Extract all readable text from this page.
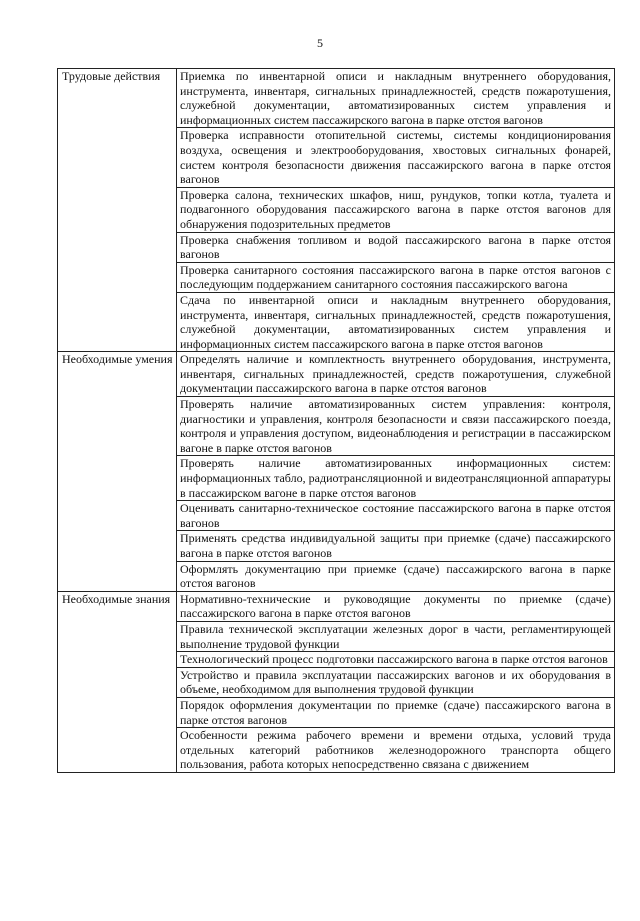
5
Трудовые действия	Приемка по инвентарной описи и накладным внутреннего оборудования, инструмента, инвентаря, сигнальных принадлежностей, средств пожаротушения, служебной документации, автоматизированных систем управления и информационных систем пассажирского вагона в парке отстоя вагонов
	Проверка исправности отопительной системы, системы кондиционирования воздуха, освещения и электрооборудования, хвостовых сигнальных фонарей, систем контроля безопасности движения пассажирского вагона в парке отстоя вагонов
	Проверка салона, технических шкафов, ниш, рундуков, топки котла, туалета и подвагонного оборудования пассажирского вагона в парке отстоя вагонов для обнаружения подозрительных предметов
	Проверка снабжения топливом и водой пассажирского вагона в парке отстоя вагонов
	Проверка санитарного состояния пассажирского вагона в парке отстоя вагонов с последующим поддержанием санитарного состояния пассажирского вагона
	Сдача по инвентарной описи и накладным внутреннего оборудования, инструмента, инвентаря, сигнальных принадлежностей, средств пожаротушения, служебной документации, автоматизированных систем управления и информационных систем пассажирского вагона в парке отстоя вагонов
Необходимые умения	Определять наличие и комплектность внутреннего оборудования, инструмента, инвентаря, сигнальных принадлежностей, средств пожаротушения, служебной документации пассажирского вагона в парке отстоя вагонов
	Проверять наличие автоматизированных систем управления: контроля, диагностики и управления, контроля безопасности и связи пассажирского поезда, контроля и управления доступом, видеонаблюдения и регистрации в пассажирском вагоне в парке отстоя вагонов
	Проверять наличие автоматизированных информационных систем: информационных табло, радиотрансляционной и видеотрансляционной аппаратуры в пассажирском вагоне в парке отстоя вагонов
	Оценивать санитарно-техническое состояние пассажирского вагона в парке отстоя вагонов
	Применять средства индивидуальной защиты при приемке (сдаче) пассажирского вагона в парке отстоя вагонов
	Оформлять документацию при приемке (сдаче) пассажирского вагона в парке отстоя вагонов
Необходимые знания	Нормативно-технические и руководящие документы по приемке (сдаче) пассажирского вагона в парке отстоя вагонов
	Правила технической эксплуатации железных дорог в части, регламентирующей выполнение трудовой функции
	Технологический процесс подготовки пассажирского вагона в парке отстоя вагонов
	Устройство и правила эксплуатации пассажирских вагонов и их оборудования в объеме, необходимом для выполнения трудовой функции
	Порядок оформления документации по приемке (сдаче) пассажирского вагона в парке отстоя вагонов
	Особенности режима рабочего времени и времени отдыха, условий труда отдельных категорий работников железнодорожного транспорта общего пользования, работа которых непосредственно связана с движением
